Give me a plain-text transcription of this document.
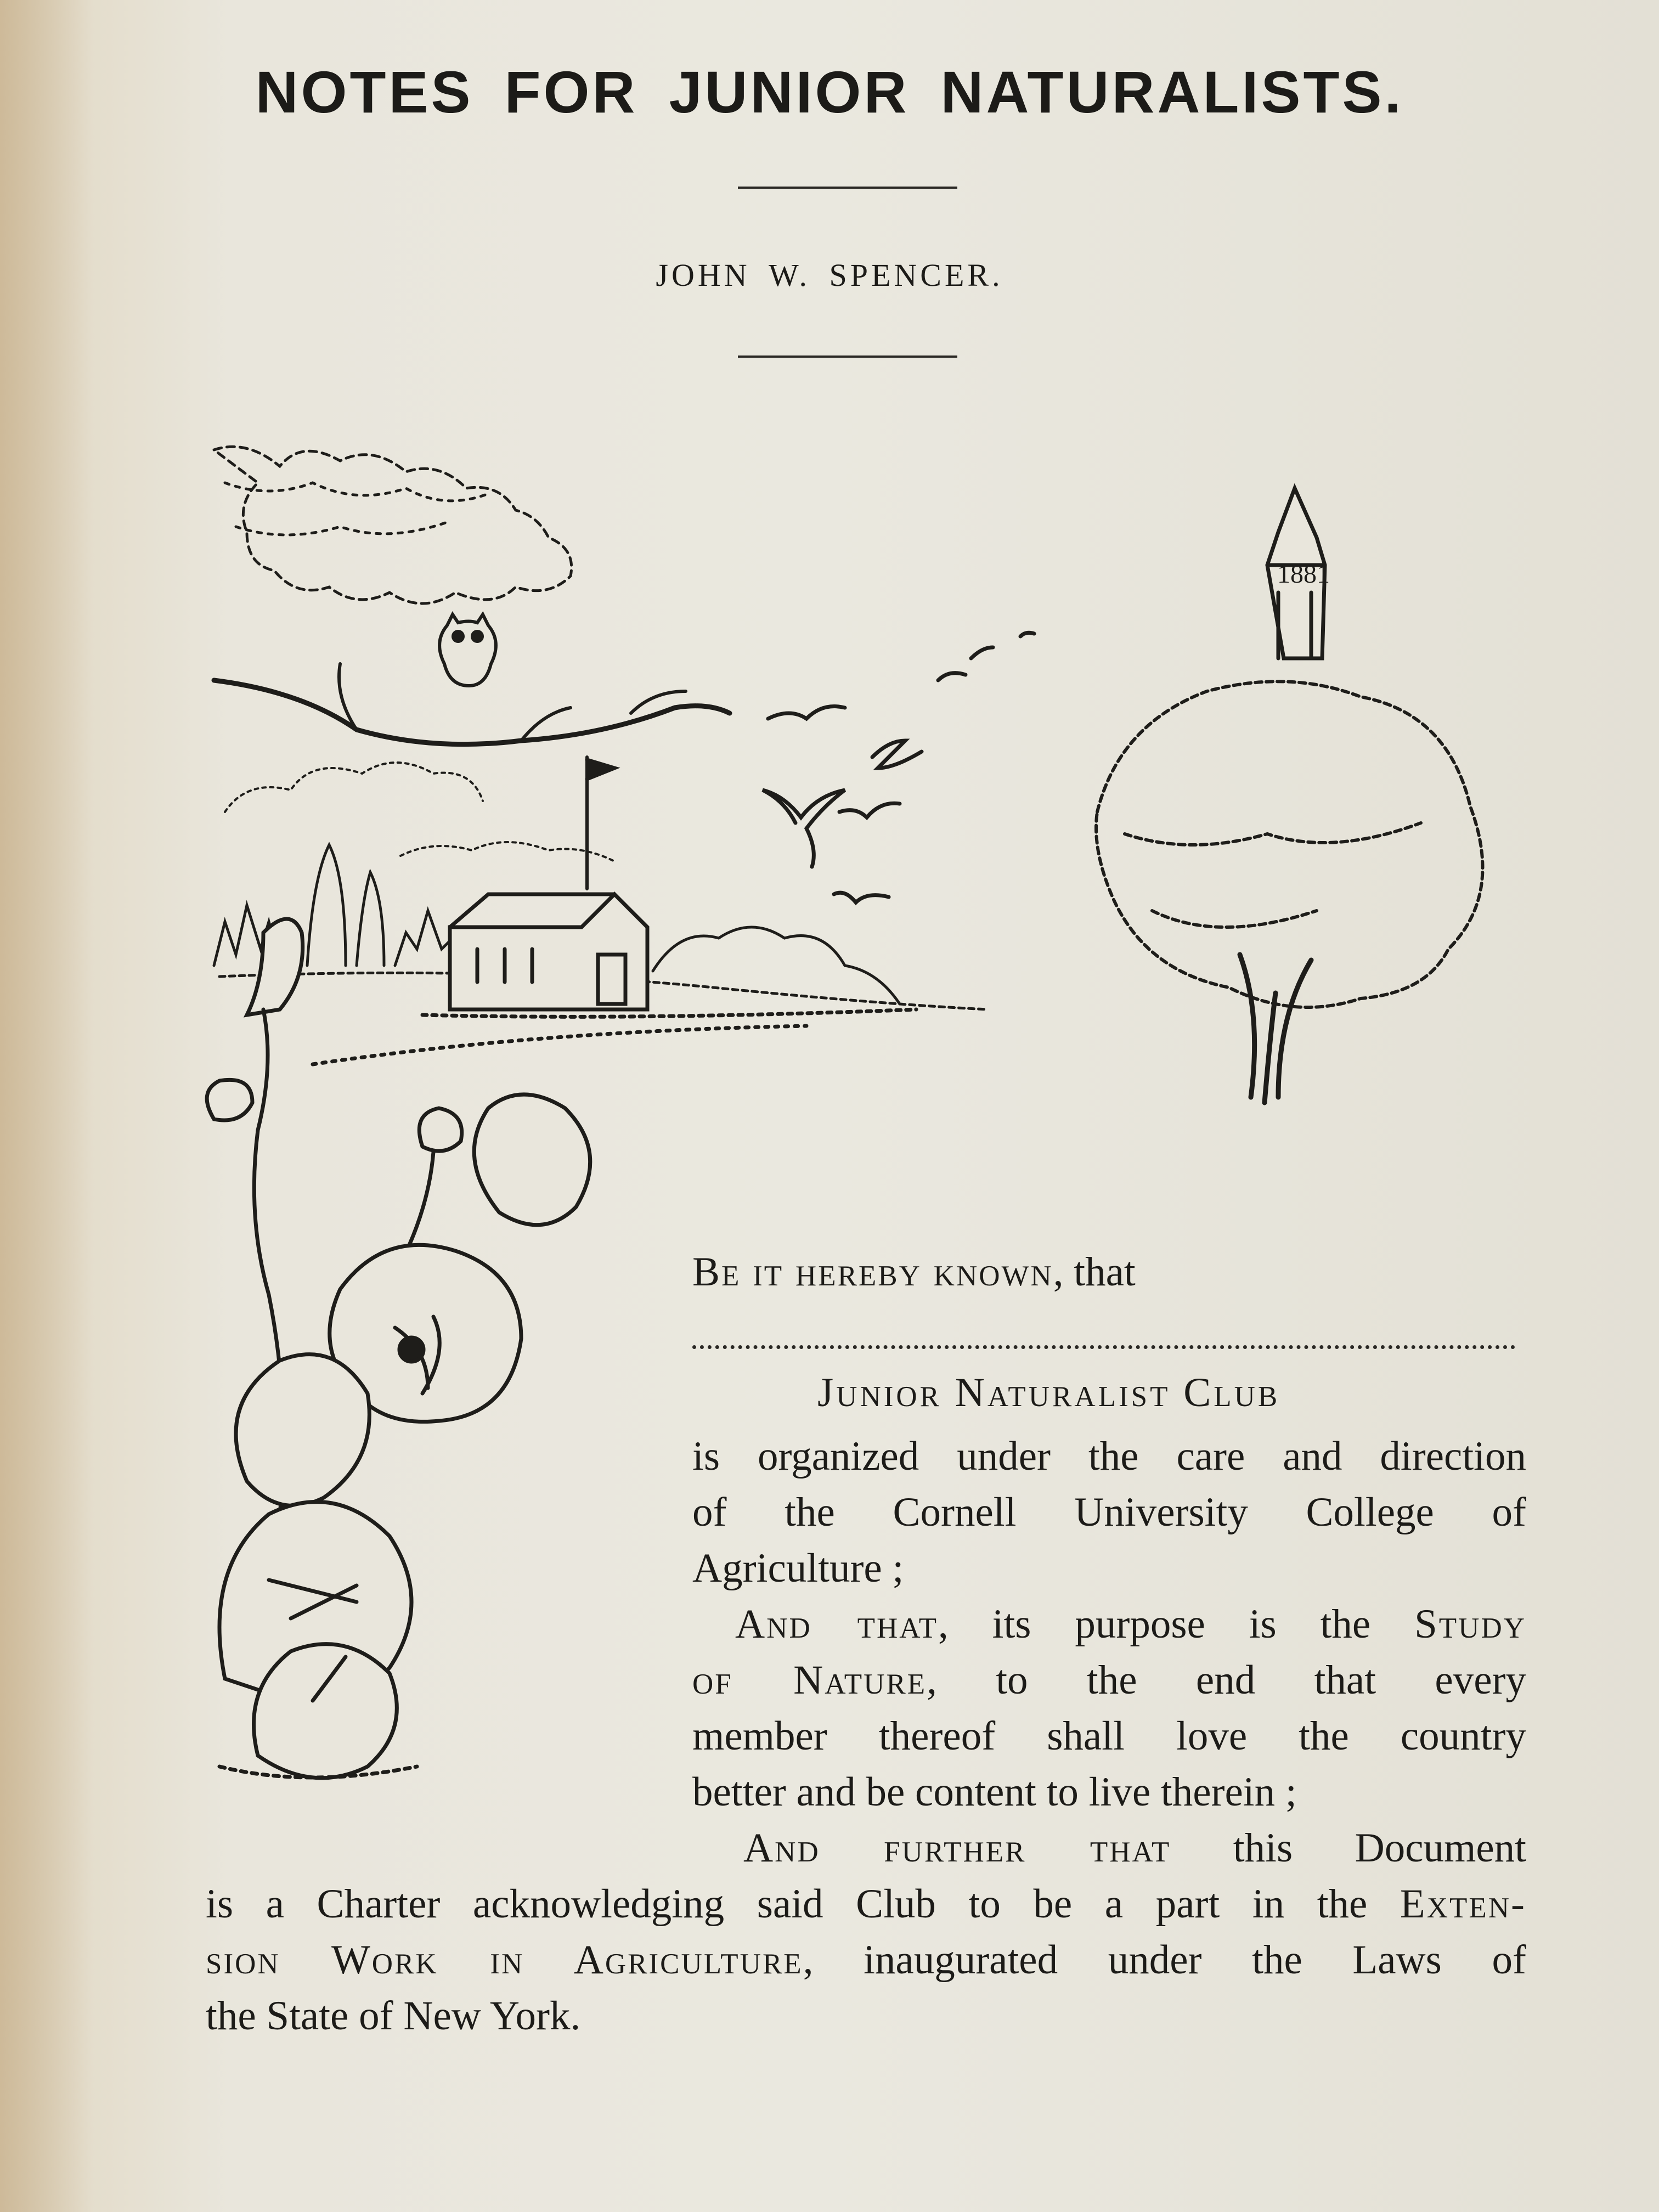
NOTES FOR JUNIOR NATURALISTS.
JOHN W. SPENCER.
1881
Be it hereby known, that
Junior Naturalist Club
is organized under the care and direction
of the Cornell University College of
Agriculture ;
And that, its purpose is the Study
of Nature, to the end that every
member thereof shall love the country
better and be content to live therein ;
And further that this Document
is a Charter acknowledging said Club to be a part in the Exten-
sion Work in Agriculture, inaugurated under the Laws of
the State of New York.
